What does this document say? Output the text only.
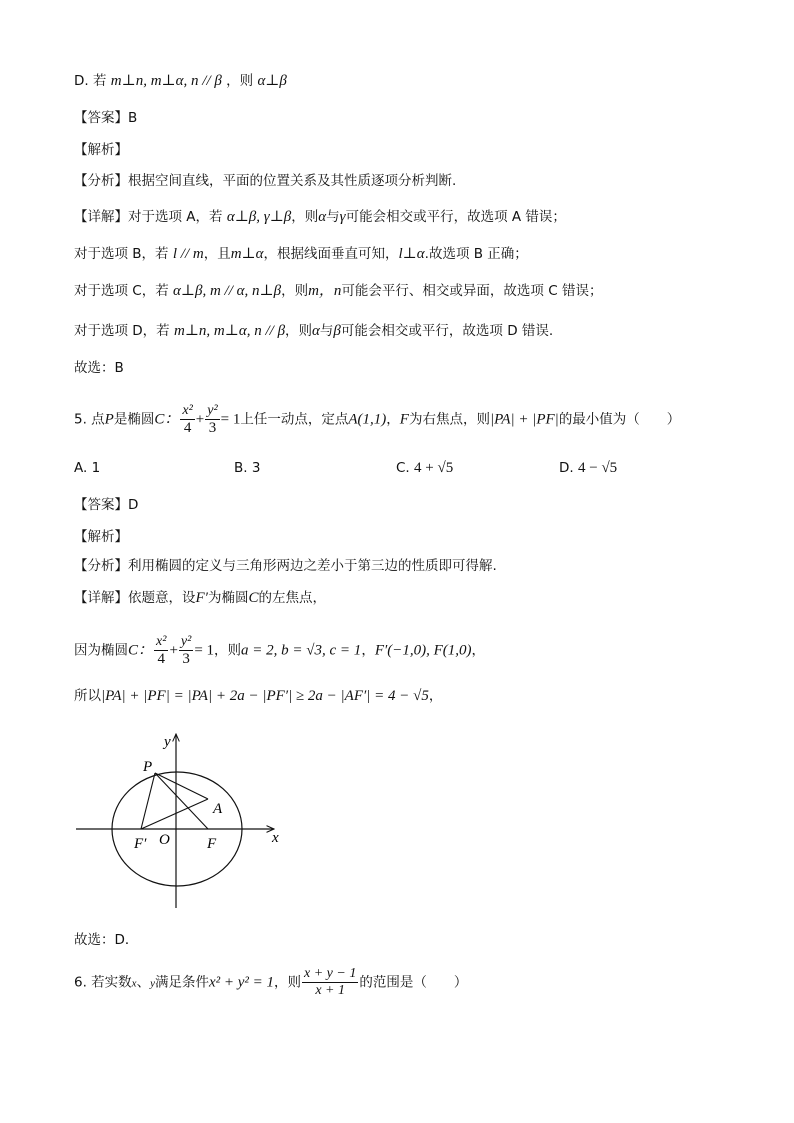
D. 若 m⊥n, m⊥α, n // β ，则 α⊥β
【答案】B
【解析】
【分析】根据空间直线，平面的位置关系及其性质逐项分析判断.
【详解】对于选项 A，若 α⊥β, γ⊥β，则α与γ可能会相交或平行，故选项 A 错误；
对于选项 B，若 l // m，且m⊥α，根据线面垂直可知，l⊥α.故选项 B 正确；
对于选项 C，若 α⊥β, m // α, n⊥β，则m，n可能会平行、相交或异面，故选项 C 错误；
对于选项 D，若 m⊥n, m⊥α, n // β，则α与β可能会相交或平行，故选项 D 错误.
故选：B
5. 点P是椭圆C： $\frac{\text{x²}}{4} + \frac{\text{y²}}{3} = 1$上任一动点，定点A(1,1)，F为右焦点，则|PA| + |PF|的最小值为（　　）
A. 1	B. 3	C. 4 + √5	D. 4 − √5
【答案】D
【解析】
【分析】利用椭圆的定义与三角形两边之差小于第三边的性质即可得解.
【详解】依题意，设F′为椭圆C的左焦点，
因为椭圆C： $\frac{\text{x²}}{4} + \frac{\text{y²}}{3} = 1$，则a = 2, b = √3, c = 1，F′(−1,0), F(1,0)，
所以|PA| + |PF| = |PA| + 2a − |PF′| ≥ 2a − |AF′| = 4 − √5，
y
x
P
A
O F
F′
故选：D．
6. 若实数x、y满足条件x² + y² = 1，则 $\frac{x + y - 1}{x + 1}$ 的范围是（　　）
